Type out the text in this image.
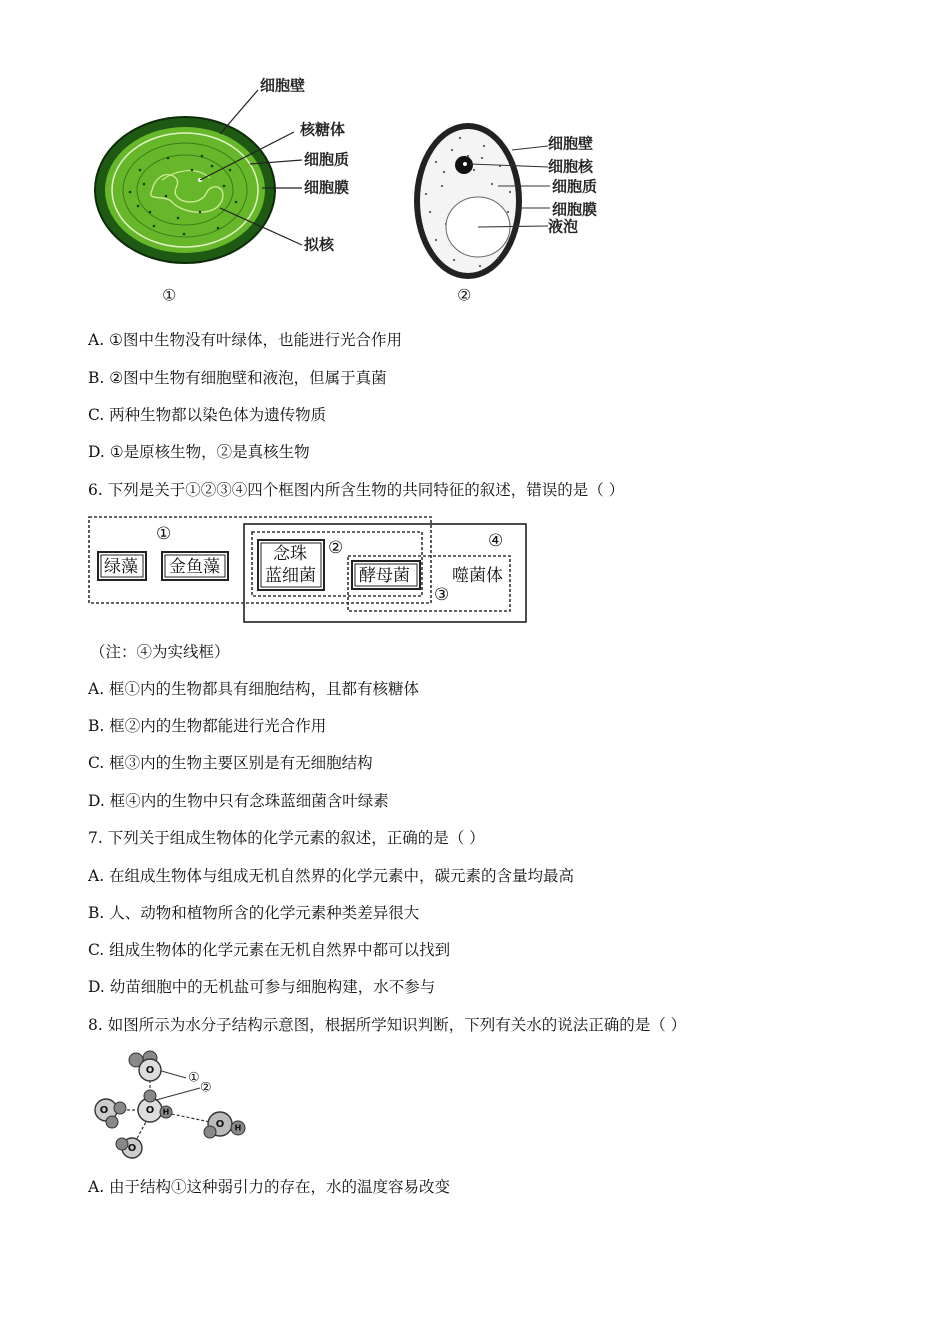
细胞壁
核糖体
细胞质
细胞膜
拟核
①
细胞壁
细胞核
细胞质
细胞膜
液泡
②
A. ①图中生物没有叶绿体，也能进行光合作用
B. ②图中生物有细胞壁和液泡，但属于真菌
C. 两种生物都以染色体为遗传物质
D. ①是原核生物，②是真核生物
6. 下列是关于①②③④四个框图内所含生物的共同特征的叙述，错误的是（ ）
①
②
③
④
绿藻 金鱼藻
念珠
蓝细菌	酵母菌 噬菌体
（注：④为实线框）
A. 框①内的生物都具有细胞结构，且都有核糖体
B. 框②内的生物都能进行光合作用
C. 框③内的生物主要区别是有无细胞结构
D. 框④内的生物中只有念珠蓝细菌含叶绿素
7. 下列关于组成生物体的化学元素的叙述，正确的是（ ）
A. 在组成生物体与组成无机自然界的化学元素中，碳元素的含量均最高
B. 人、动物和植物所含的化学元素种类差异很大
C. 组成生物体的化学元素在无机自然界中都可以找到
D. 幼苗细胞中的无机盐可参与细胞构建，水不参与
8. 如图所示为水分子结构示意图，根据所学知识判断，下列有关水的说法正确的是（ ）
O
O
O
O
O
H
H
①
②
A. 由于结构①这种弱引力的存在，水的温度容易改变
